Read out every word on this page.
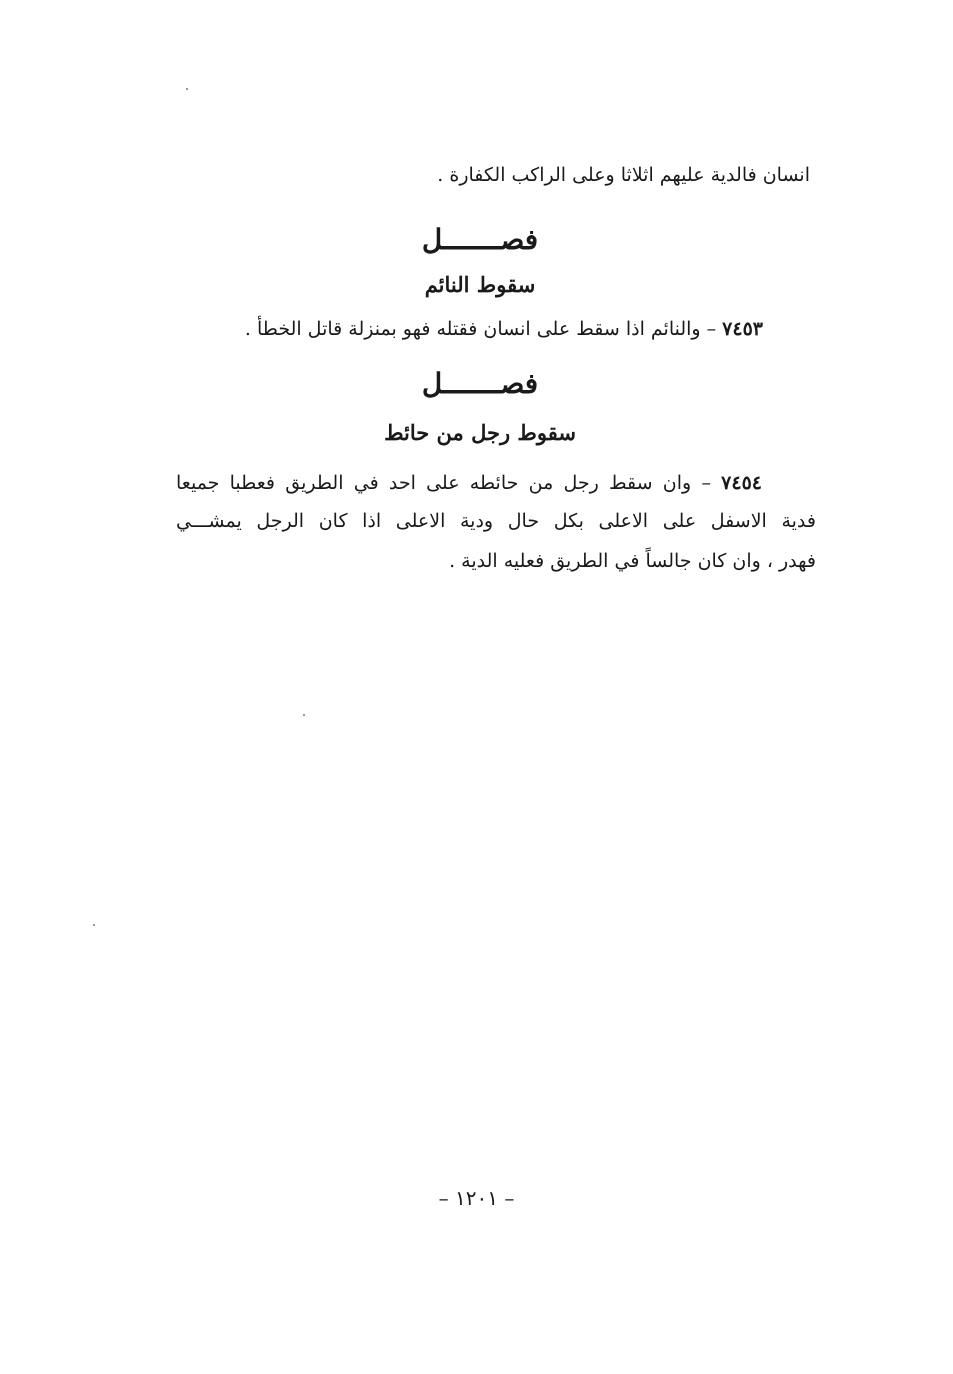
انسان فالدية عليهم اثلاثا وعلى الراكب الكفارة .
فصـــــــل
سقوط النائم
٧٤٥٣ – والنائم اذا سقط على انسان فقتله فهو بمنزلة قاتل الخطأ .
فصـــــــل
سقوط رجل من حائط
٧٤٥٤ – وان سقط رجل من حائطه على احد في الطريق فعطبا جميعا
فدية الاسفل على الاعلى بكل حال ودية الاعلى اذا كان الرجل يمشـــي
فهدر ، وان كان جالساً في الطريق فعليه الدية .
– ١٢٠١ –
